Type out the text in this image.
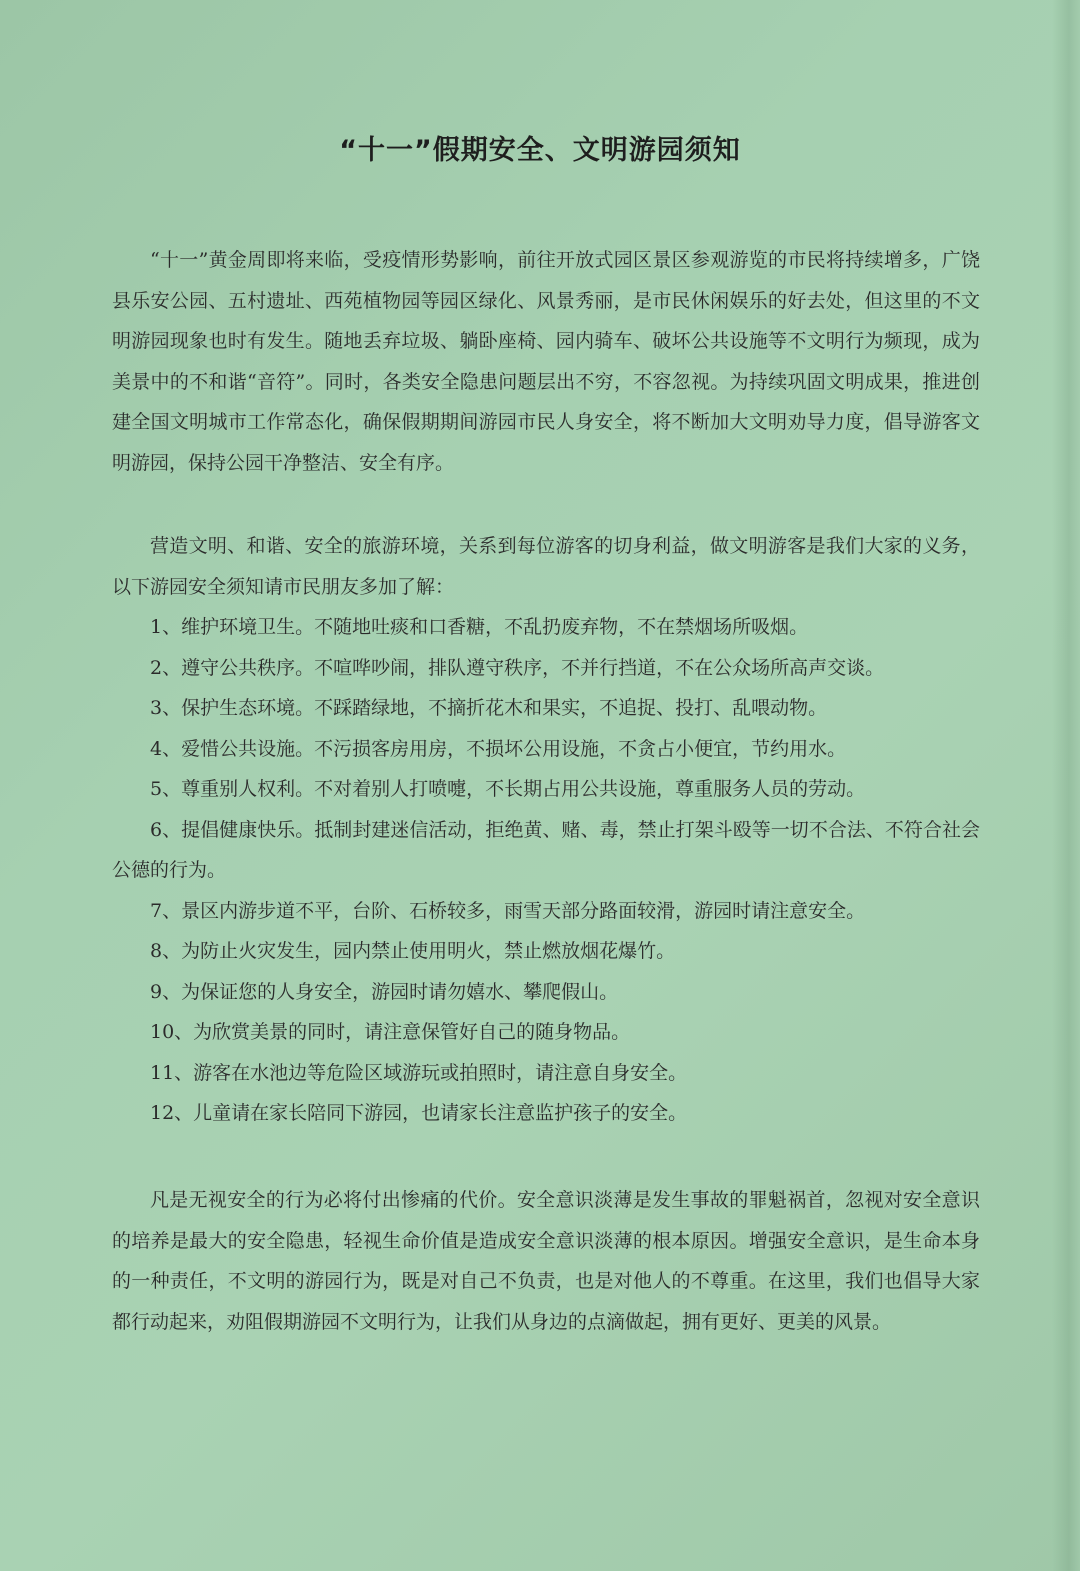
“十一”假期安全、文明游园须知

“十一”黄金周即将来临，受疫情形势影响，前往开放式园区景区参观游览的市民将持续增多，广饶县乐安公园、五村遗址、西苑植物园等园区绿化、风景秀丽，是市民休闲娱乐的好去处，但这里的不文明游园现象也时有发生。随地丢弃垃圾、躺卧座椅、园内骑车、破坏公共设施等不文明行为频现，成为美景中的不和谐“音符”。同时，各类安全隐患问题层出不穷，不容忽视。为持续巩固文明成果，推进创建全国文明城市工作常态化，确保假期期间游园市民人身安全，将不断加大文明劝导力度，倡导游客文明游园，保持公园干净整洁、安全有序。

营造文明、和谐、安全的旅游环境，关系到每位游客的切身利益，做文明游客是我们大家的义务，以下游园安全须知请市民朋友多加了解：

1、维护环境卫生。不随地吐痰和口香糖，不乱扔废弃物，不在禁烟场所吸烟。
2、遵守公共秩序。不喧哗吵闹，排队遵守秩序，不并行挡道，不在公众场所高声交谈。
3、保护生态环境。不踩踏绿地，不摘折花木和果实，不追捉、投打、乱喂动物。
4、爱惜公共设施。不污损客房用房，不损坏公用设施，不贪占小便宜，节约用水。
5、尊重别人权利。不对着别人打喷嚏，不长期占用公共设施，尊重服务人员的劳动。
6、提倡健康快乐。抵制封建迷信活动，拒绝黄、赌、毒，禁止打架斗殴等一切不合法、不符合社会公德的行为。
7、景区内游步道不平，台阶、石桥较多，雨雪天部分路面较滑，游园时请注意安全。
8、为防止火灾发生，园内禁止使用明火，禁止燃放烟花爆竹。
9、为保证您的人身安全，游园时请勿嬉水、攀爬假山。
10、为欣赏美景的同时，请注意保管好自己的随身物品。
11、游客在水池边等危险区域游玩或拍照时，请注意自身安全。
12、儿童请在家长陪同下游园，也请家长注意监护孩子的安全。

凡是无视安全的行为必将付出惨痛的代价。安全意识淡薄是发生事故的罪魁祸首，忽视对安全意识的培养是最大的安全隐患，轻视生命价值是造成安全意识淡薄的根本原因。增强安全意识，是生命本身的一种责任，不文明的游园行为，既是对自己不负责，也是对他人的不尊重。在这里，我们也倡导大家都行动起来，劝阻假期游园不文明行为，让我们从身边的点滴做起，拥有更好、更美的风景。
